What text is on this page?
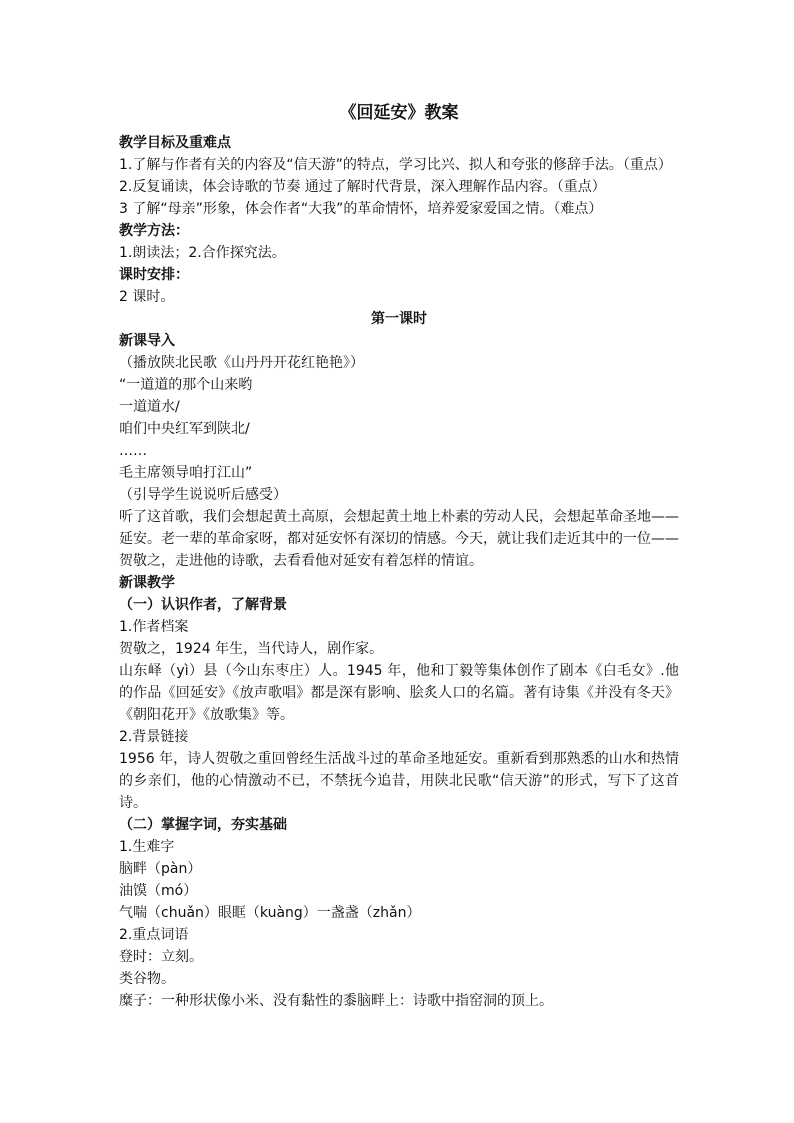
《回延安》教案
教学目标及重难点
1.了解与作者有关的内容及“信天游”的特点，学习比兴、拟人和夸张的修辞手法。（重点）
2.反复诵读，体会诗歌的节奏 通过了解时代背景，深入理解作品内容。（重点）
3 了解“母亲”形象，体会作者“大我”的革命情怀，培养爱家爱国之情。（难点）
教学方法：
1.朗读法；2.合作探究法。
课时安排：
2 课时。
第一课时
新课导入
（播放陕北民歌《山丹丹开花红艳艳》）
“一道道的那个山来哟
一道道水/
咱们中央红军到陕北/
……
毛主席领导咱打江山”
（引导学生说说听后感受）
听了这首歌，我们会想起黄土高原，会想起黄土地上朴素的劳动人民，会想起革命圣地——延安。老一辈的革命家呀，都对延安怀有深切的情感。今天，就让我们走近其中的一位——贺敬之，走进他的诗歌，去看看他对延安有着怎样的情谊。
新课教学
（一）认识作者，了解背景
1.作者档案
贺敬之，1924 年生，当代诗人，剧作家。
山东峄（yì）县（今山东枣庄）人。1945 年，他和丁毅等集体创作了剧本《白毛女》.他的作品《回延安》《放声歌唱》都是深有影响、脍炙人口的名篇。著有诗集《并没有冬天》《朝阳花开》《放歌集》等。
2.背景链接
1956 年，诗人贺敬之重回曾经生活战斗过的革命圣地延安。重新看到那熟悉的山水和热情的乡亲们，他的心情激动不已，不禁抚今追昔，用陕北民歌“信天游”的形式，写下了这首诗。
（二）掌握字词，夯实基础
1.生难字
脑畔（pàn）
油馍（mó）
气喘（chuǎn）眼眶（kuàng）一盏盏（zhǎn）
2.重点词语
登时：立刻。
类谷物。
糜子：一种形状像小米、没有黏性的黍脑畔上：诗歌中指窑洞的顶上。
